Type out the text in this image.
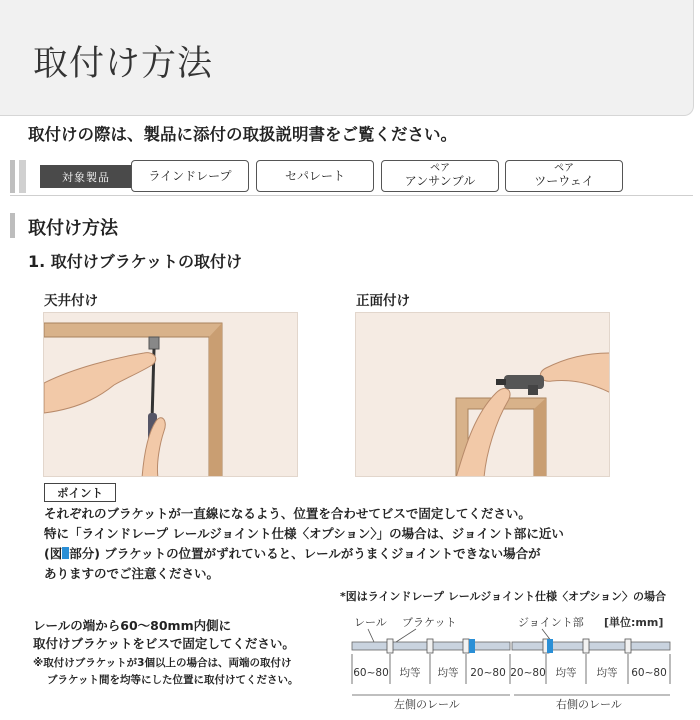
取付け方法

取付けの際は、製品に添付の取扱説明書をご覧ください。

対象製品	ラインドレープ	セパレート	ペア
アンサンブル
ペア
ツーウェイ
取付け方法
1. 取付けブラケットの取付け
天井付け	正面付け
ポイント
それぞれのブラケットが一直線になるよう、位置を合わせてビスで固定してください。
特に「ラインドレープ レールジョイント仕様〈オプション〉」の場合は、ジョイント部に近い
(図 部分) ブラケットの位置がずれていると、レールがうまくジョイントできない場合が
ありますのでご注意ください。
*図はラインドレープ レールジョイント仕様〈オプション〉の場合
レールの端から60～80mm内側に
取付けブラケットをビスで固定してください。
※取付けブラケットが3個以上の場合は、両端の取付け
ブラケット間を均等にした位置に取付けてください。
レール ブラケット	ジョイント部 [単位:mm]
60~80 均等 均等 20~80 20~80 均等 均等 60~80
左側のレール	右側のレール
